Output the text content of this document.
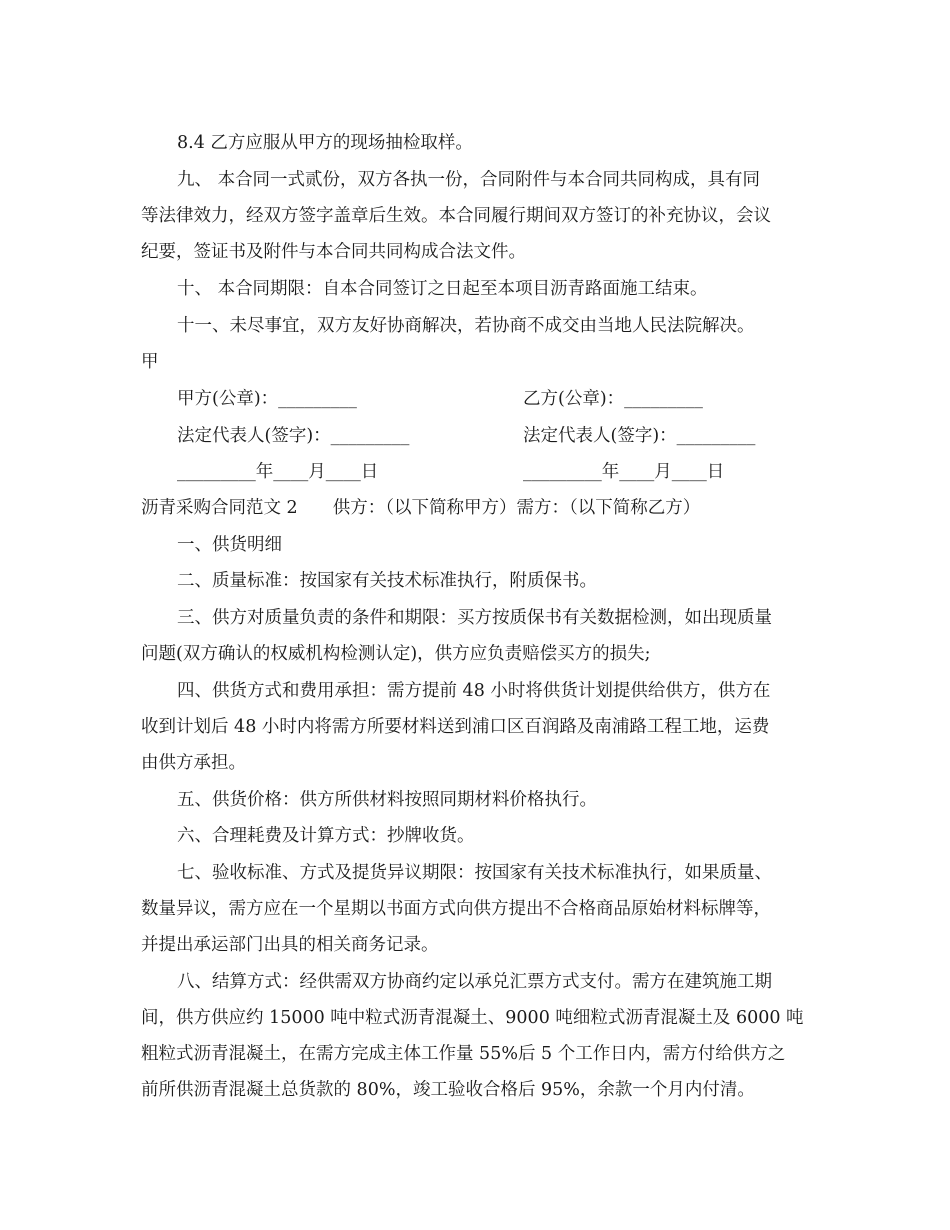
8.4 乙方应服从甲方的现场抽检取样。
九、 本合同一式贰份，双方各执一份，合同附件与本合同共同构成，具有同
等法律效力，经双方签字盖章后生效。本合同履行期间双方签订的补充协议，会议
纪要，签证书及附件与本合同共同构成合法文件。
十、 本合同期限：自本合同签订之日起至本项目沥青路面施工结束。
十一、未尽事宜，双方友好协商解决，若协商不成交由当地人民法院解决。
甲
甲方(公章)：_________	乙方(公章)：_________
法定代表人(签字)：_________	法定代表人(签字)：_________
_________年____月____日	_________年____月____日
沥青采购合同范文 2　　供方：（以下简称甲方）需方：（以下简称乙方）
一、供货明细
二、质量标准：按国家有关技术标准执行，附质保书。
三、供方对质量负责的条件和期限：买方按质保书有关数据检测，如出现质量
问题(双方确认的权威机构检测认定)，供方应负责赔偿买方的损失;
四、供货方式和费用承担：需方提前 48 小时将供货计划提供给供方，供方在
收到计划后 48 小时内将需方所要材料送到浦口区百润路及南浦路工程工地，运费
由供方承担。
五、供货价格：供方所供材料按照同期材料价格执行。
六、合理耗费及计算方式：抄牌收货。
七、验收标准、方式及提货异议期限：按国家有关技术标准执行，如果质量、
数量异议，需方应在一个星期以书面方式向供方提出不合格商品原始材料标牌等，
并提出承运部门出具的相关商务记录。
八、结算方式：经供需双方协商约定以承兑汇票方式支付。需方在建筑施工期
间，供方供应约 15000 吨中粒式沥青混凝土、9000 吨细粒式沥青混凝土及 6000 吨
粗粒式沥青混凝土，在需方完成主体工作量 55%后 5 个工作日内，需方付给供方之
前所供沥青混凝土总货款的 80%，竣工验收合格后 95%，余款一个月内付清。
